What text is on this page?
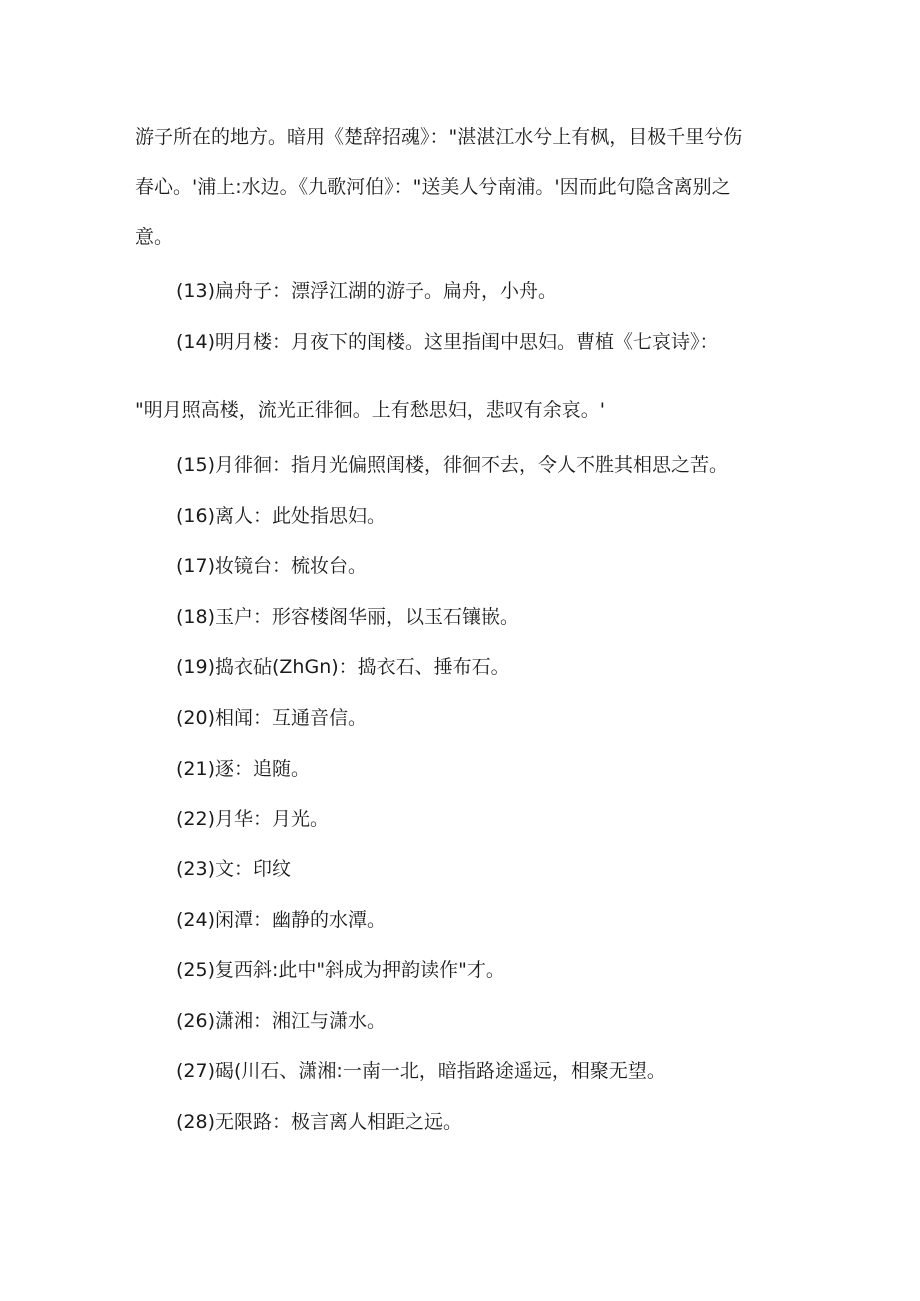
游子所在的地方。暗用《楚辞招魂》："湛湛江水兮上有枫，目极千里兮伤
春心。'浦上:水边。《九歌河伯》："送美人兮南浦。'因而此句隐含离别之
意。
(13)扁舟子：漂浮江湖的游子。扁舟，小舟。
(14)明月楼：月夜下的闺楼。这里指闺中思妇。曹植《七哀诗》：
"明月照高楼，流光正徘徊。上有愁思妇，悲叹有余哀。'
(15)月徘徊：指月光偏照闺楼，徘徊不去，令人不胜其相思之苦。
(16)离人：此处指思妇。
(17)妆镜台：梳妆台。
(18)玉户：形容楼阁华丽，以玉石镶嵌。
(19)捣衣砧(ZhGn)：捣衣石、捶布石。
(20)相闻：互通音信。
(21)逐：追随。
(22)月华：月光。
(23)文：印纹
(24)闲潭：幽静的水潭。
(25)复西斜:此中"斜成为押韵读作"才。
(26)潇湘：湘江与潇水。
(27)碣(川石、潇湘:一南一北，暗指路途遥远，相聚无望。
(28)无限路：极言离人相距之远。
